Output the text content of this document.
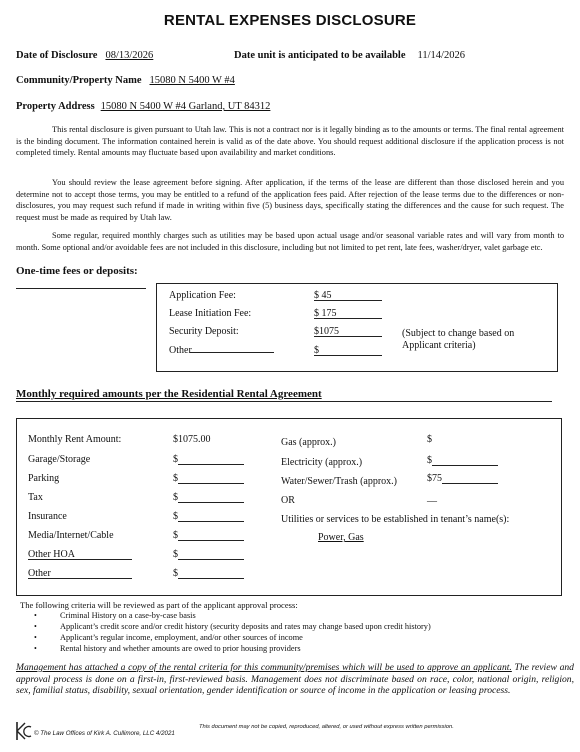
RENTAL EXPENSES DISCLOSURE
Date of Disclosure 08/13/2026	Date unit is anticipated to be available 11/14/2026
Community/Property Name 15080 N 5400 W #4
Property Address 15080 N 5400 W #4 Garland, UT 84312

This rental disclosure is given pursuant to Utah law. This is not a contract nor is it legally binding as to the amounts or terms. The final rental agreement is the binding document. The information contained herein is valid as of the date above. You should request additional disclosure if the application process is not completed timely. Rental amounts may fluctuate based upon availability and market conditions.

You should review the lease agreement before signing. After application, if the terms of the lease are different than those disclosed herein and you determine not to accept those terms, you may be entitled to a refund of the application fees paid. After rejection of the lease terms due to the differences or non-disclosures, you may request such refund if made in writing within five (5) business days, specifically stating the differences and the cause for such request. The request must be made as required by Utah law.

Some regular, required monthly charges such as utilities may be based upon actual usage and/or seasonal variable rates and will vary from month to month. Some optional and/or avoidable fees are not included in this disclosure, including but not limited to pet rent, late fees, washer/dryer, valet garbage etc.

One-time fees or deposits:
Application Fee:	$ 45
Lease Initiation Fee:	$ 175
Security Deposit:	$1075
Other	$
(Subject to change based on Applicant criteria)
Monthly required amounts per the Residential Rental Agreement
Monthly Rent Amount:	$1075.00
Garage/Storage	$
Parking	$
Tax	$
Insurance	$
Media/Internet/Cable	$
Other HOA	$
Other	$
Gas (approx.)	$
Electricity (approx.)	$
Water/Sewer/Trash (approx.)	$75
OR	__
Utilities or services to be established in tenant’s name(s):
Power, Gas
The following criteria will be reviewed as part of the applicant approval process:
•	Criminal History on a case-by-case basis
•	Applicant’s credit score and/or credit history (security deposits and rates may change based upon credit history)
•	Applicant’s regular income, employment, and/or other sources of income
•	Rental history and whether amounts are owed to prior housing providers

Management has attached a copy of the rental criteria for this community/premises which will be used to approve an applicant. The review and approval process is done on a first-in, first-reviewed basis. Management does not discriminate based on race, color, national origin, religion, sex, familial status, disability, sexual orientation, gender identification or source of income in the application or leasing process.

© The Law Offices of Kirk A. Cullimore, LLC 4/2021
This document may not be copied, reproduced, altered, or used without express written permission.
